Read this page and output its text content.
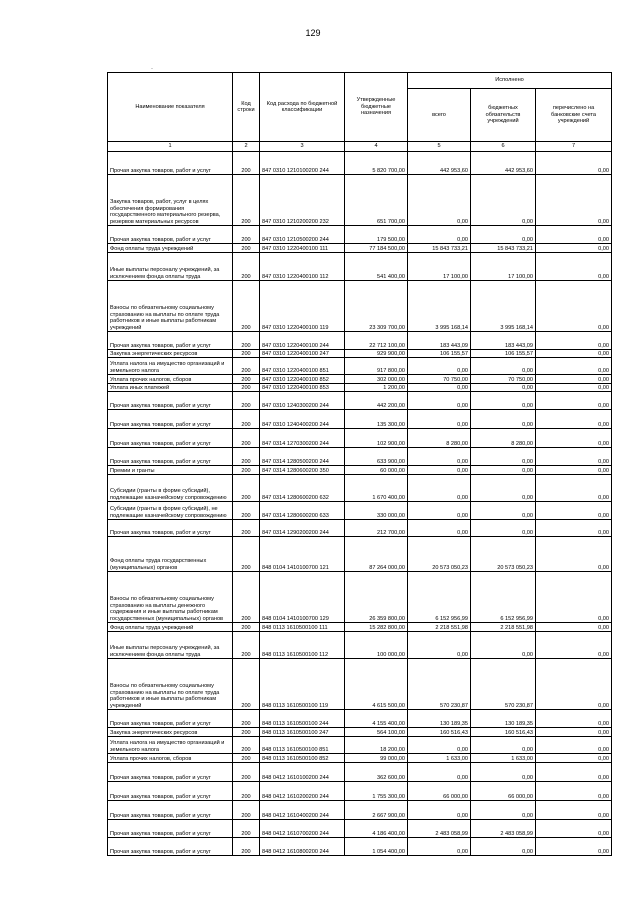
129
·
Наименование показателя	Код строки	Код расхода по бюджетной классификации	Утвержденные бюджетные назначения	Исполнено		
				всего	бюджетных обязательств учреждений	перечислено на банковские счета учреждений
1	2	3	4	5	6	7
Прочая закупка товаров, работ и услуг	200	847 0310 1210100200 244	5 820 700,00	442 953,60	442 953,60	0,00
Закупка товаров, работ, услуг в целях обеспечения формирования государственного материального резерва, резервов материальных ресурсов	200	847 0310 1210200200 232	651 700,00	0,00	0,00	0,00
Прочая закупка товаров, работ и услуг	200	847 0310 1210500200 244	179 500,00	0,00	0,00	0,00
Фонд оплаты труда учреждений	200	847 0310 1220400100 111	77 184 500,00	15 843 733,21	15 843 733,21	0,00
Иные выплаты персоналу учреждений, за исключением фонда оплаты труда	200	847 0310 1220400100 112	541 400,00	17 100,00	17 100,00	0,00
Взносы по обязательному социальному страхованию на выплаты по оплате труда работников и иные выплаты работникам учреждений	200	847 0310 1220400100 119	23 309 700,00	3 995 168,14	3 995 168,14	0,00
Прочая закупка товаров, работ и услуг	200	847 0310 1220400100 244	22 712 100,00	183 443,09	183 443,09	0,00
Закупка энергетических ресурсов	200	847 0310 1220400100 247	929 900,00	106 155,57	106 155,57	0,00
Уплата налога на имущество организаций и земельного налога	200	847 0310 1220400100 851	917 800,00	0,00	0,00	0,00
Уплата прочих налогов, сборов	200	847 0310 1220400100 852	302 000,00	70 750,00	70 750,00	0,00
Уплата иных платежей	200	847 0310 1220400100 853	1 200,00	0,00	0,00	0,00
Прочая закупка товаров, работ и услуг	200	847 0310 1240300200 244	442 200,00	0,00	0,00	0,00
Прочая закупка товаров, работ и услуг	200	847 0310 1240400200 244	135 300,00	0,00	0,00	0,00
Прочая закупка товаров, работ и услуг	200	847 0314 1270300200 244	102 900,00	8 280,00	8 280,00	0,00
Прочая закупка товаров, работ и услуг	200	847 0314 1280500200 244	633 900,00	0,00	0,00	0,00
Премии и гранты	200	847 0314 1280600200 350	60 000,00	0,00	0,00	0,00
Субсидии (гранты в форме субсидий), подлежащие казначейскому сопровождению	200	847 0314 1280600200 632	1 670 400,00	0,00	0,00	0,00
Субсидии (гранты в форме субсидий), не подлежащие казначейскому сопровождению	200	847 0314 1280600200 633	330 000,00	0,00	0,00	0,00
Прочая закупка товаров, работ и услуг	200	847 0314 1290200200 244	212 700,00	0,00	0,00	0,00
Фонд оплаты труда государственных (муниципальных) органов	200	848 0104 1410100700 121	87 264 000,00	20 573 050,23	20 573 050,23	0,00
Взносы по обязательному социальному страхованию на выплаты денежного содержания и иные выплаты работникам государственных (муниципальных) органов	200	848 0104 1410100700 129	26 359 800,00	6 152 956,99	6 152 956,99	0,00
Фонд оплаты труда учреждений	200	848 0113 1610500100 111	15 282 800,00	2 218 551,98	2 218 551,98	0,00
Иные выплаты персоналу учреждений, за исключением фонда оплаты труда	200	848 0113 1610500100 112	100 000,00	0,00	0,00	0,00
Взносы по обязательному социальному страхованию на выплаты по оплате труда работников и иные выплаты работникам учреждений	200	848 0113 1610500100 119	4 615 500,00	570 230,87	570 230,87	0,00
Прочая закупка товаров, работ и услуг	200	848 0113 1610500100 244	4 155 400,00	130 189,35	130 189,35	0,00
Закупка энергетических ресурсов	200	848 0113 1610500100 247	564 100,00	160 516,43	160 516,43	0,00
Уплата налога на имущество организаций и земельного налога	200	848 0113 1610500100 851	18 200,00	0,00	0,00	0,00
Уплата прочих налогов, сборов	200	848 0113 1610500100 852	99 000,00	1 633,00	1 633,00	0,00
Прочая закупка товаров, работ и услуг	200	848 0412 1610100200 244	362 600,00	0,00	0,00	0,00
Прочая закупка товаров, работ и услуг	200	848 0412 1610200200 244	1 755 300,00	66 000,00	66 000,00	0,00
Прочая закупка товаров, работ и услуг	200	848 0412 1610400200 244	2 667 900,00	0,00	0,00	0,00
Прочая закупка товаров, работ и услуг	200	848 0412 1610700200 244	4 186 400,00	2 483 058,99	2 483 058,99	0,00
Прочая закупка товаров, работ и услуг	200	848 0412 1610800200 244	1 054 400,00	0,00	0,00	0,00
